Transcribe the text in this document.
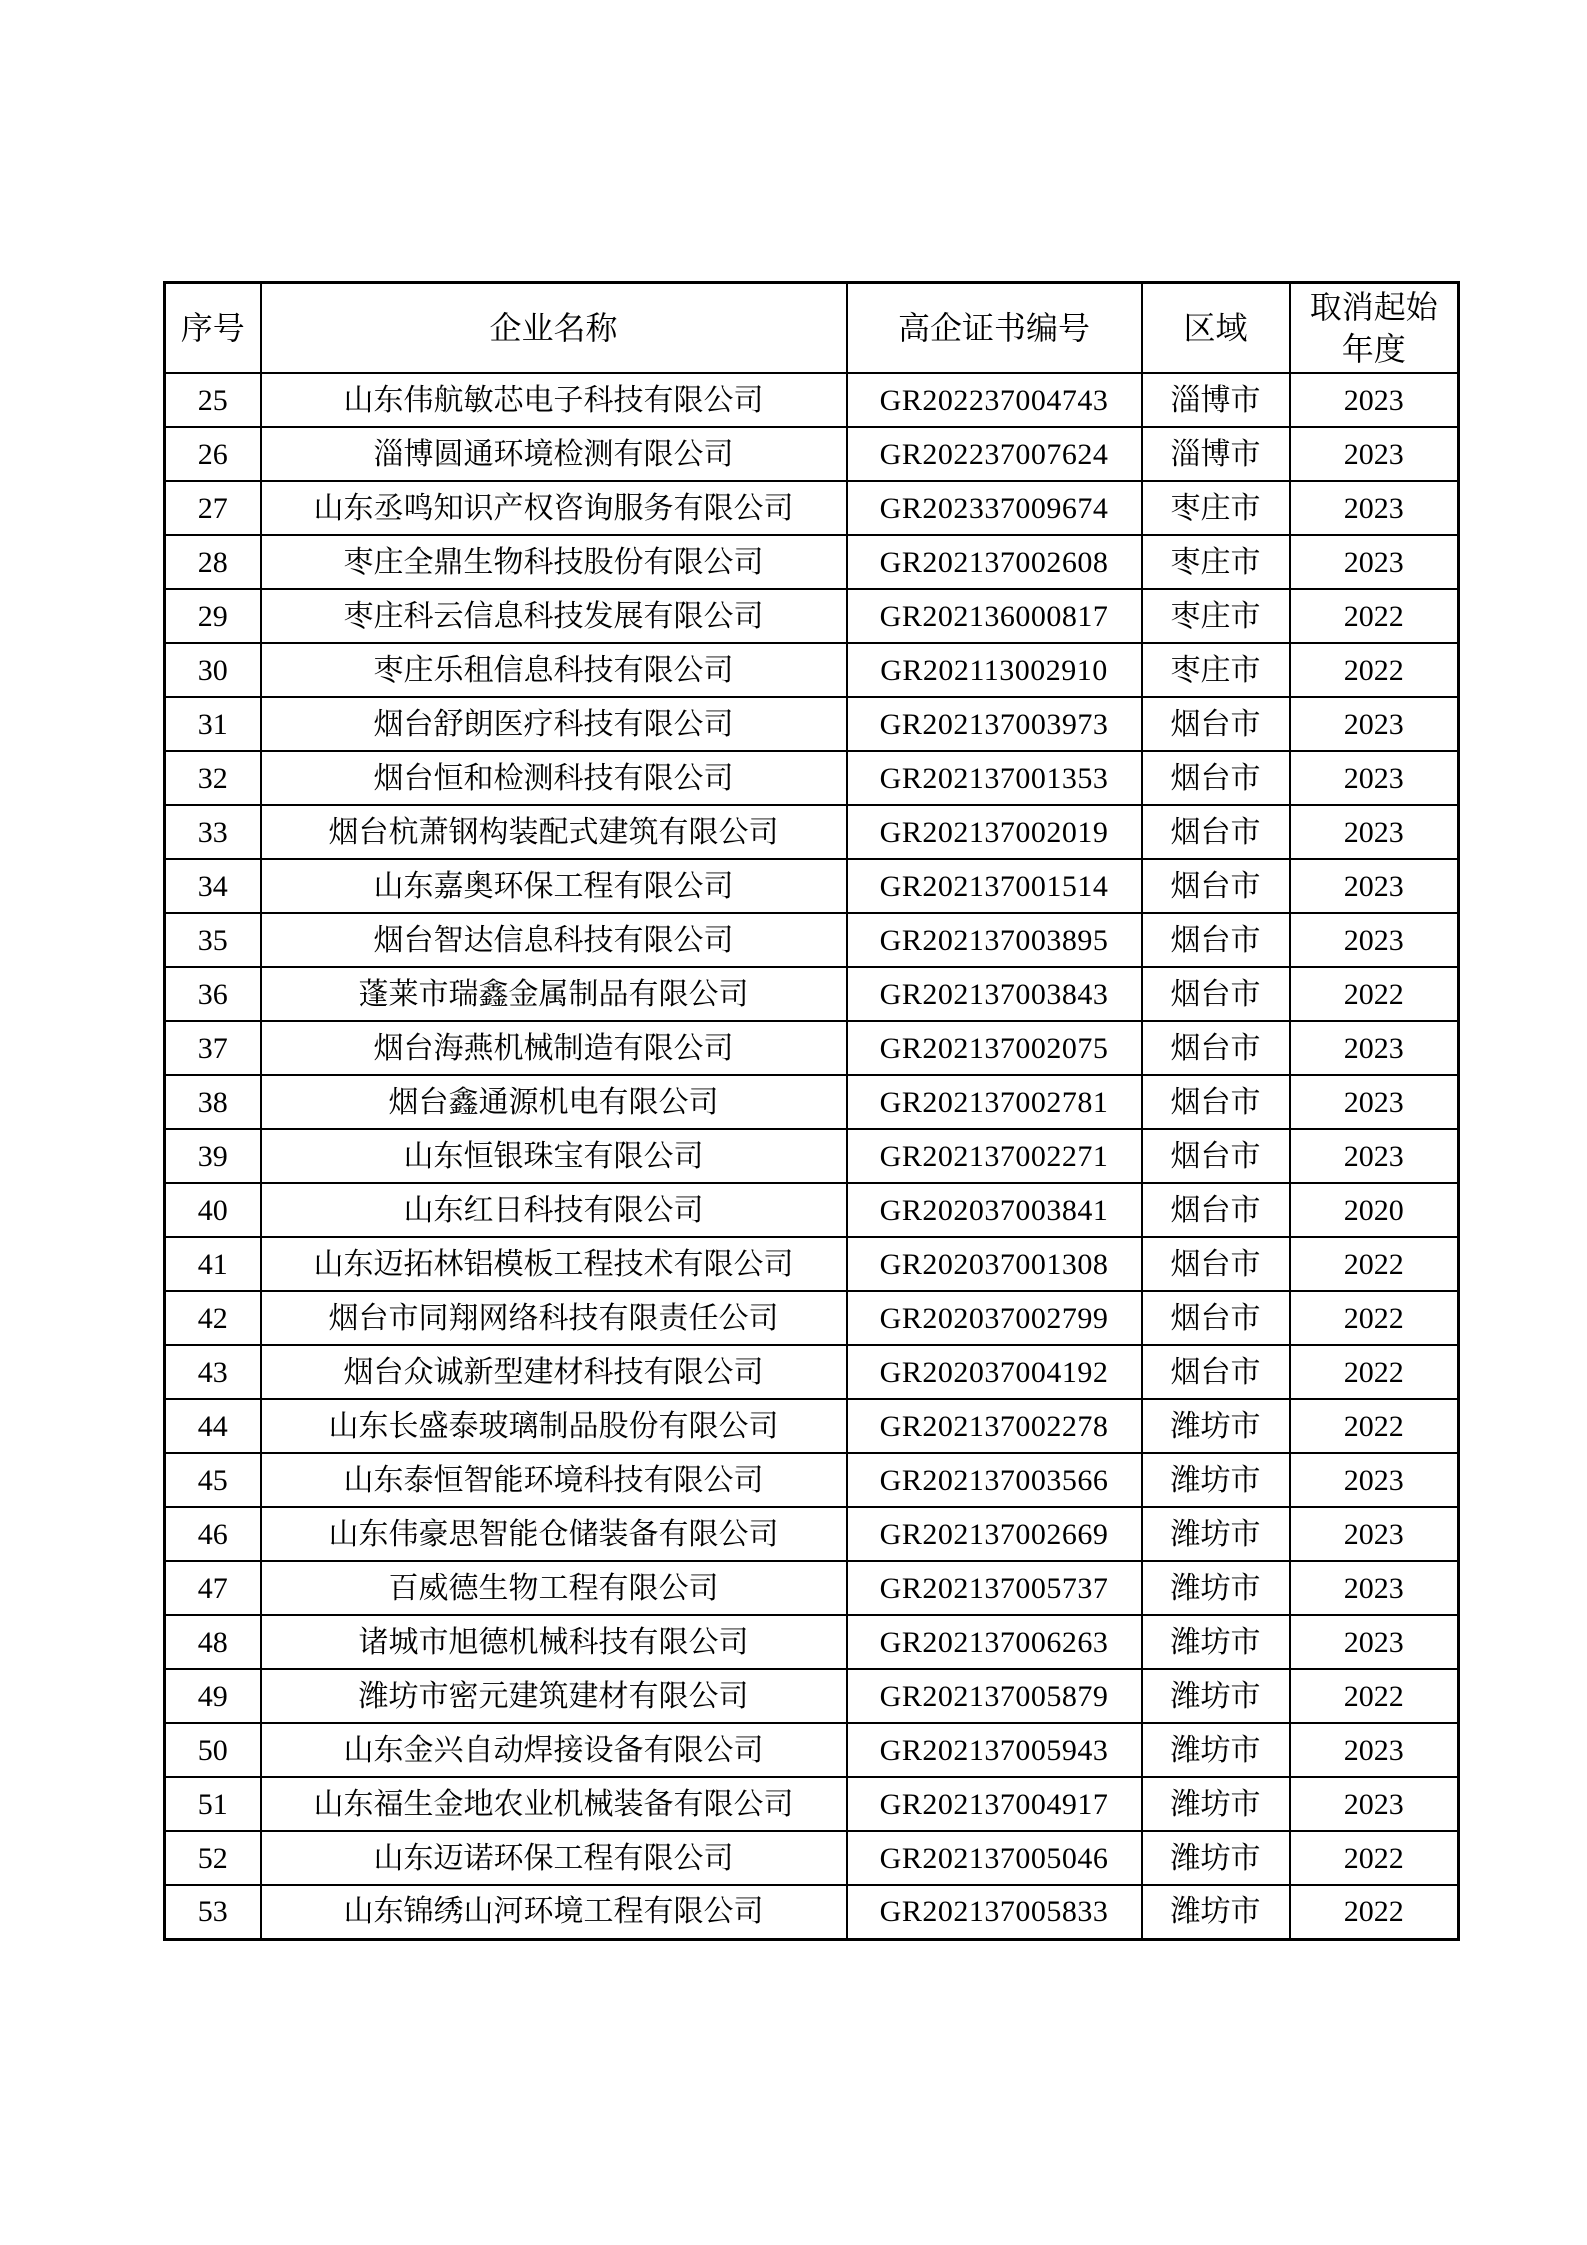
序号	企业名称	高企证书编号	区域	取消起始年度
25	山东伟航敏芯电子科技有限公司	GR202237004743	淄博市	2023
26	淄博圆通环境检测有限公司	GR202237007624	淄博市	2023
27	山东丞鸣知识产权咨询服务有限公司	GR202337009674	枣庄市	2023
28	枣庄全鼎生物科技股份有限公司	GR202137002608	枣庄市	2023
29	枣庄科云信息科技发展有限公司	GR202136000817	枣庄市	2022
30	枣庄乐租信息科技有限公司	GR202113002910	枣庄市	2022
31	烟台舒朗医疗科技有限公司	GR202137003973	烟台市	2023
32	烟台恒和检测科技有限公司	GR202137001353	烟台市	2023
33	烟台杭萧钢构装配式建筑有限公司	GR202137002019	烟台市	2023
34	山东嘉奥环保工程有限公司	GR202137001514	烟台市	2023
35	烟台智达信息科技有限公司	GR202137003895	烟台市	2023
36	蓬莱市瑞鑫金属制品有限公司	GR202137003843	烟台市	2022
37	烟台海燕机械制造有限公司	GR202137002075	烟台市	2023
38	烟台鑫通源机电有限公司	GR202137002781	烟台市	2023
39	山东恒银珠宝有限公司	GR202137002271	烟台市	2023
40	山东红日科技有限公司	GR202037003841	烟台市	2020
41	山东迈拓林铝模板工程技术有限公司	GR202037001308	烟台市	2022
42	烟台市同翔网络科技有限责任公司	GR202037002799	烟台市	2022
43	烟台众诚新型建材科技有限公司	GR202037004192	烟台市	2022
44	山东长盛泰玻璃制品股份有限公司	GR202137002278	潍坊市	2022
45	山东泰恒智能环境科技有限公司	GR202137003566	潍坊市	2023
46	山东伟豪思智能仓储装备有限公司	GR202137002669	潍坊市	2023
47	百威德生物工程有限公司	GR202137005737	潍坊市	2023
48	诸城市旭德机械科技有限公司	GR202137006263	潍坊市	2023
49	潍坊市密元建筑建材有限公司	GR202137005879	潍坊市	2022
50	山东金兴自动焊接设备有限公司	GR202137005943	潍坊市	2023
51	山东福生金地农业机械装备有限公司	GR202137004917	潍坊市	2023
52	山东迈诺环保工程有限公司	GR202137005046	潍坊市	2022
53	山东锦绣山河环境工程有限公司	GR202137005833	潍坊市	2022
